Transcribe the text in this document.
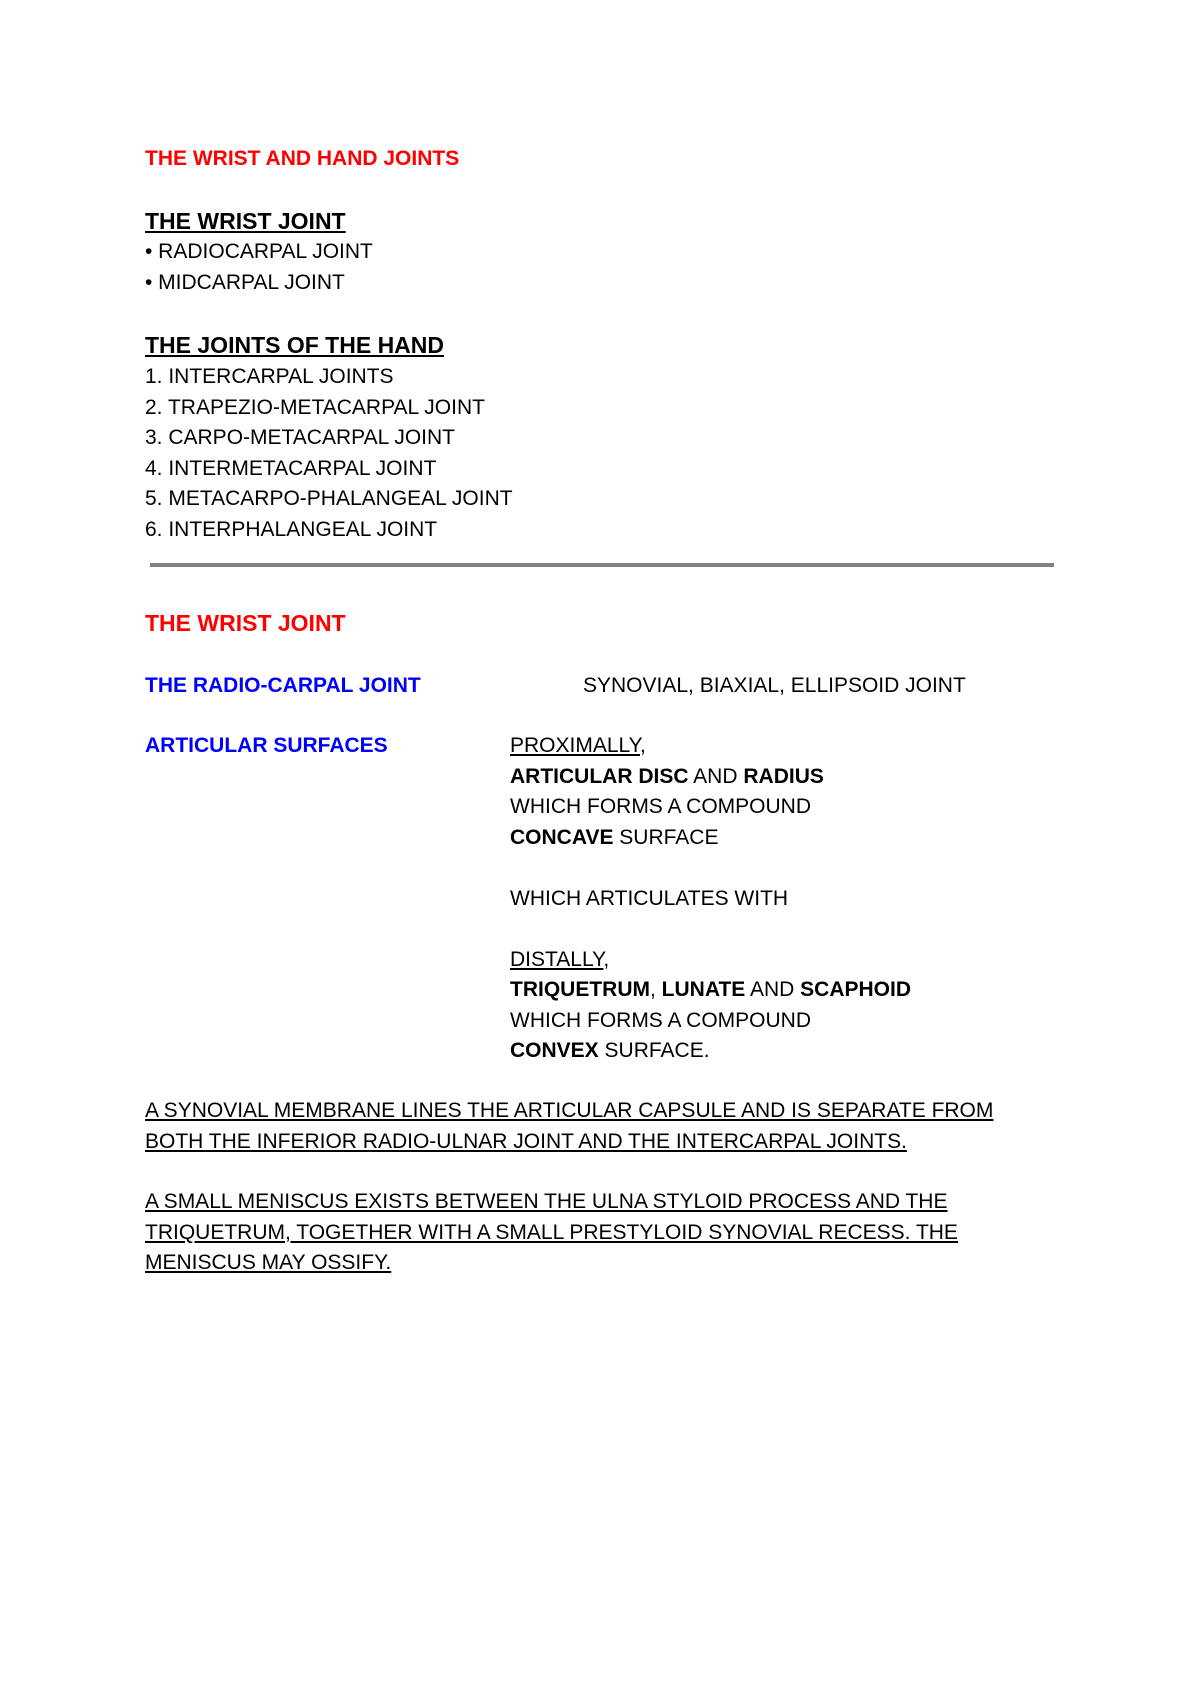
THE WRIST AND HAND JOINTS
THE WRIST JOINT
• RADIOCARPAL JOINT
• MIDCARPAL JOINT
THE JOINTS OF THE HAND
1. INTERCARPAL JOINTS
2. TRAPEZIO-METACARPAL JOINT
3. CARPO-METACARPAL JOINT
4. INTERMETACARPAL JOINT
5. METACARPO-PHALANGEAL JOINT
6. INTERPHALANGEAL JOINT
THE WRIST JOINT
THE RADIO-CARPAL JOINT	SYNOVIAL, BIAXIAL, ELLIPSOID JOINT
ARTICULAR SURFACES	PROXIMALLY,
ARTICULAR DISC AND RADIUS
WHICH FORMS A COMPOUND
CONCAVE SURFACE
WHICH ARTICULATES WITH
DISTALLY,
TRIQUETRUM, LUNATE AND SCAPHOID
WHICH FORMS A COMPOUND
CONVEX SURFACE.
A SYNOVIAL MEMBRANE LINES THE ARTICULAR CAPSULE AND IS SEPARATE FROM
BOTH THE INFERIOR RADIO-ULNAR JOINT AND THE INTERCARPAL JOINTS.
A SMALL MENISCUS EXISTS BETWEEN THE ULNA STYLOID PROCESS AND THE
TRIQUETRUM, TOGETHER WITH A SMALL PRESTYLOID SYNOVIAL RECESS. THE
MENISCUS MAY OSSIFY.
